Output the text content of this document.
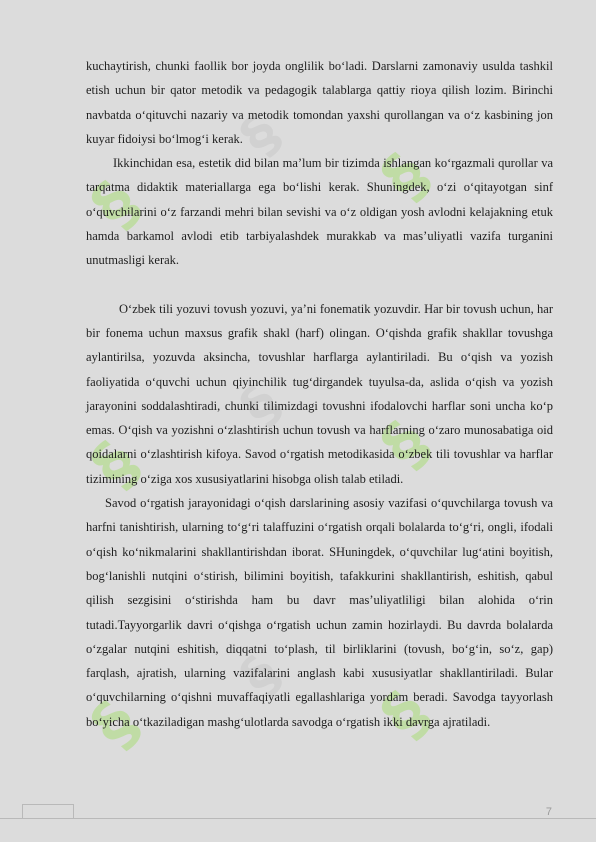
§
§
§
§
§
§
§
§
§

kuchaytirish, chunki faollik bor joyda onglilik bo‘ladi. Darslarni zamonaviy usulda tashkil etish uchun bir qator metodik va pedagogik talablarga qattiy rioya qilish lozim. Birinchi navbatda o‘qituvchi nazariy va metodik tomondan yaxshi qurollangan va o‘z kasbining jon kuyar fidoiysi bo‘lmog‘i kerak.

Ikkinchidan esa, estetik did bilan ma’lum bir tizimda ishlangan ko‘rgazmali qurollar va tarqatma didaktik materiallarga ega bo‘lishi kerak. Shuningdek, o‘zi o‘qitayotgan sinf o‘quvchilarini o‘z farzandi mehri bilan sevishi va o‘z oldigan yosh avlodni kelajakning etuk hamda barkamol avlodi etib tarbiyalashdek murakkab va mas’uliyatli vazifa turganini unutmasligi kerak.

O‘zbek tili yozuvi tovush yozuvi, ya’ni fonematik yozuvdir. Har bir tovush uchun, har bir fonema uchun maxsus grafik shakl (harf) olingan. O‘qishda grafik shakllar tovushga aylantirilsa, yozuvda aksincha, tovushlar harflarga aylantiriladi. Bu o‘qish va yozish faoliyatida o‘quvchi uchun qiyinchilik tug‘dirgandek tuyulsa-da, aslida o‘qish va yozish jarayonini soddalashtiradi, chunki tilimizdagi tovushni ifodalovchi harflar soni uncha ko‘p emas. O‘qish va yozishni o‘zlashtirish uchun tovush va harflarning o‘zaro munosabatiga oid qoidalarni o‘zlashtirish kifoya. Savod o‘rgatish metodikasida o‘zbek tili tovushlar va harflar tizimining o‘ziga xos xususiyatlarini hisobga olish talab etiladi.

Savod o‘rgatish jarayonidagi o‘qish darslarining asosiy vazifasi o‘quvchilarga tovush va harfni tanishtirish, ularning to‘g‘ri talaffuzini o‘rgatish orqali bolalarda to‘g‘ri, ongli, ifodali o‘qish ko‘nikmalarini shakllantirishdan iborat. SHuningdek, o‘quvchilar lug‘atini boyitish, bog‘lanishli nutqini o‘stirish, bilimini boyitish, tafakkurini shakllantirish, eshitish, qabul qilish sezgisini o‘stirishda ham bu davr mas’uliyatliligi bilan alohida o‘rin tutadi.Tayyorgarlik davri o‘qishga o‘rgatish uchun zamin hozirlaydi. Bu davrda bolalarda o‘zgalar nutqini eshitish, diqqatni to‘plash, til birliklarini (tovush, bo‘g‘in, so‘z, gap) farqlash, ajratish, ularning vazifalarini anglash kabi xususiyatlar shakllantiriladi. Bular o‘quvchilarning o‘qishni muvaffaqiyatli egallashlariga yordam beradi. Savodga tayyorlash bo‘yicha o‘tkaziladigan mashg‘ulotlarda savodga o‘rgatish ikki davrga ajratiladi.

7
